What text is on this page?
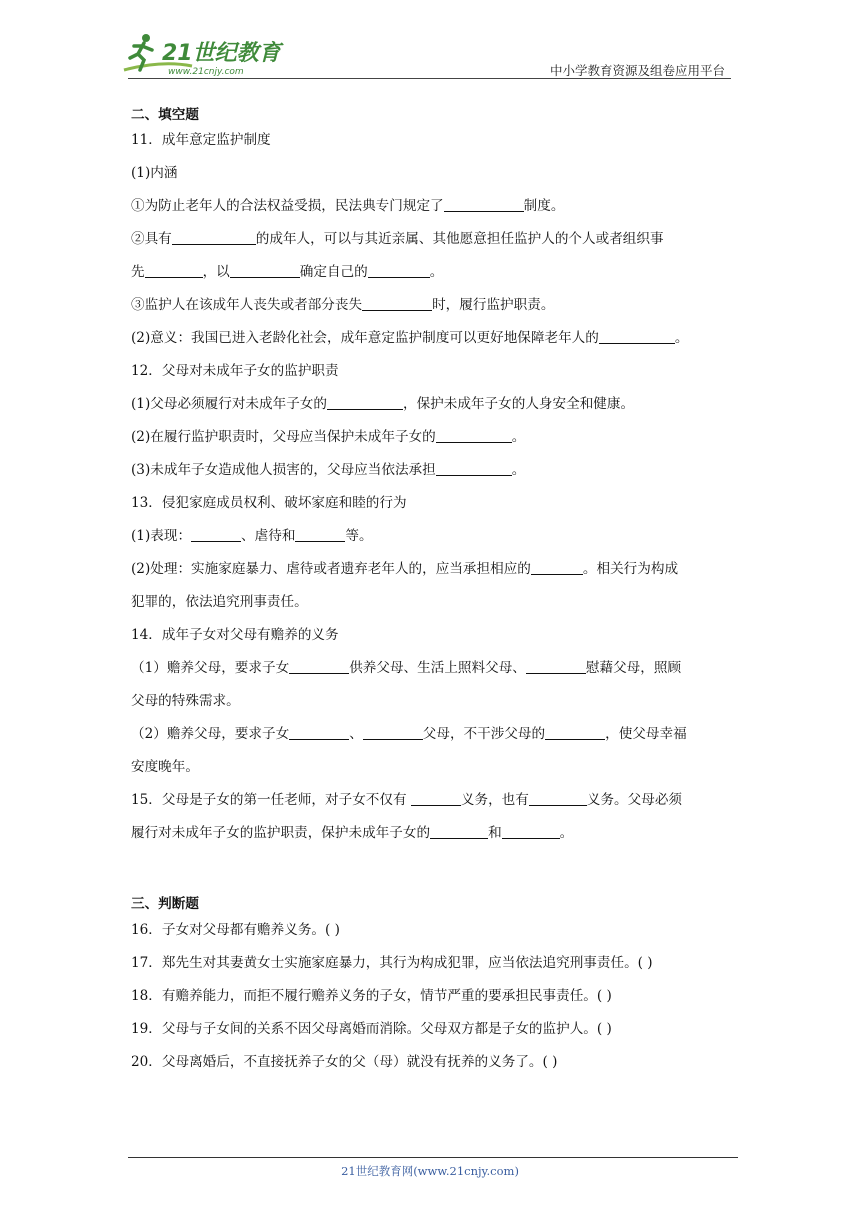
21世纪教育
www.21cnjy.com	中小学教育资源及组卷应用平台
二、填空题
11．成年意定监护制度
(1)内涵
①为防止老年人的合法权益受损，民法典专门规定了	制度。
②具有	的成年人，可以与其近亲属、其他愿意担任监护人的个人或者组织事
先	，以	确定自己的	。
③监护人在该成年人丧失或者部分丧失	时，履行监护职责。
(2)意义：我国已进入老龄化社会，成年意定监护制度可以更好地保障老年人的	。
12．父母对未成年子女的监护职责
(1)父母必须履行对未成年子女的	，保护未成年子女的人身安全和健康。
(2)在履行监护职责时，父母应当保护未成年子女的	。
(3)未成年子女造成他人损害的，父母应当依法承担	。
13．侵犯家庭成员权利、破坏家庭和睦的行为
(1)表现：	、虐待和	等。
(2)处理：实施家庭暴力、虐待或者遗弃老年人的，应当承担相应的	。相关行为构成
犯罪的，依法追究刑事责任。
14．成年子女对父母有赡养的义务
（1）赡养父母，要求子女	供养父母、生活上照料父母、	慰藉父母，照顾
父母的特殊需求。
（2）赡养父母，要求子女	、	父母，不干涉父母的	，使父母幸福
安度晚年。
15．父母是子女的第一任老师，对子女不仅有	义务，也有	义务。父母必须
履行对未成年子女的监护职责，保护未成年子女的	和	。
三、判断题
16．子女对父母都有赡养义务。( )
17．郑先生对其妻黄女士实施家庭暴力，其行为构成犯罪，应当依法追究刑事责任。( )
18．有赡养能力，而拒不履行赡养义务的子女，情节严重的要承担民事责任。( )
19．父母与子女间的关系不因父母离婚而消除。父母双方都是子女的监护人。( )
20．父母离婚后，不直接抚养子女的父（母）就没有抚养的义务了。( )
21世纪教育网(www.21cnjy.com)
